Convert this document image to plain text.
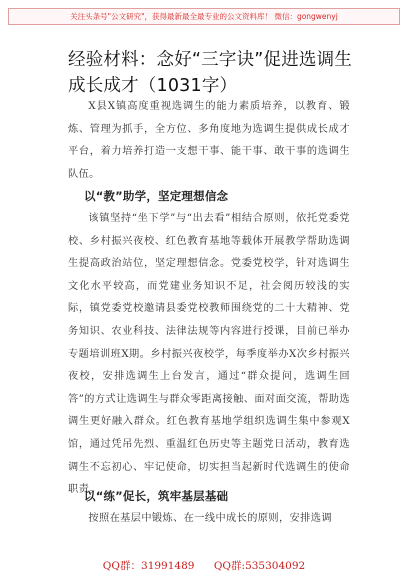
关注头条号"公文研究"，获得最新最全最专业的公文资料库！ 微信：gongwenyj
经验材料：念好“三字诀”促进选调生成长成才（1031字）
X县X镇高度重视选调生的能力素质培养，以教育、锻炼、管理为抓手，全方位、多角度地为选调生提供成长成才平台，着力培养打造一支想干事、能干事、敢干事的选调生队伍。
以“教”助学，坚定理想信念
该镇坚持“坐下学”与“出去看”相结合原则，依托党委党校、乡村振兴夜校、红色教育基地等载体开展教学帮助选调生提高政治站位，坚定理想信念。党委党校学，针对选调生文化水平较高，而党建业务知识不足，社会阅历较浅的实际，镇党委党校邀请县委党校教师围绕党的二十大精神、党务知识、农业科技、法律法规等内容进行授课，目前已举办专题培训班X期。乡村振兴夜校学，每季度举办X次乡村振兴夜校，安排选调生上台发言，通过“群众提问，选调生回答”的方式让选调生与群众零距离接触、面对面交流，帮助选调生更好融入群众。红色教育基地学组织选调生集中参观X馆，通过凭吊先烈、重温红色历史等主题党日活动，教育选调生不忘初心、牢记使命，切实担当起新时代选调生的使命职责。
以“练”促长，筑牢基层基础
按照在基层中锻炼、在一线中成长的原则，安排选调
QQ群：31991489 QQ群:535304092
